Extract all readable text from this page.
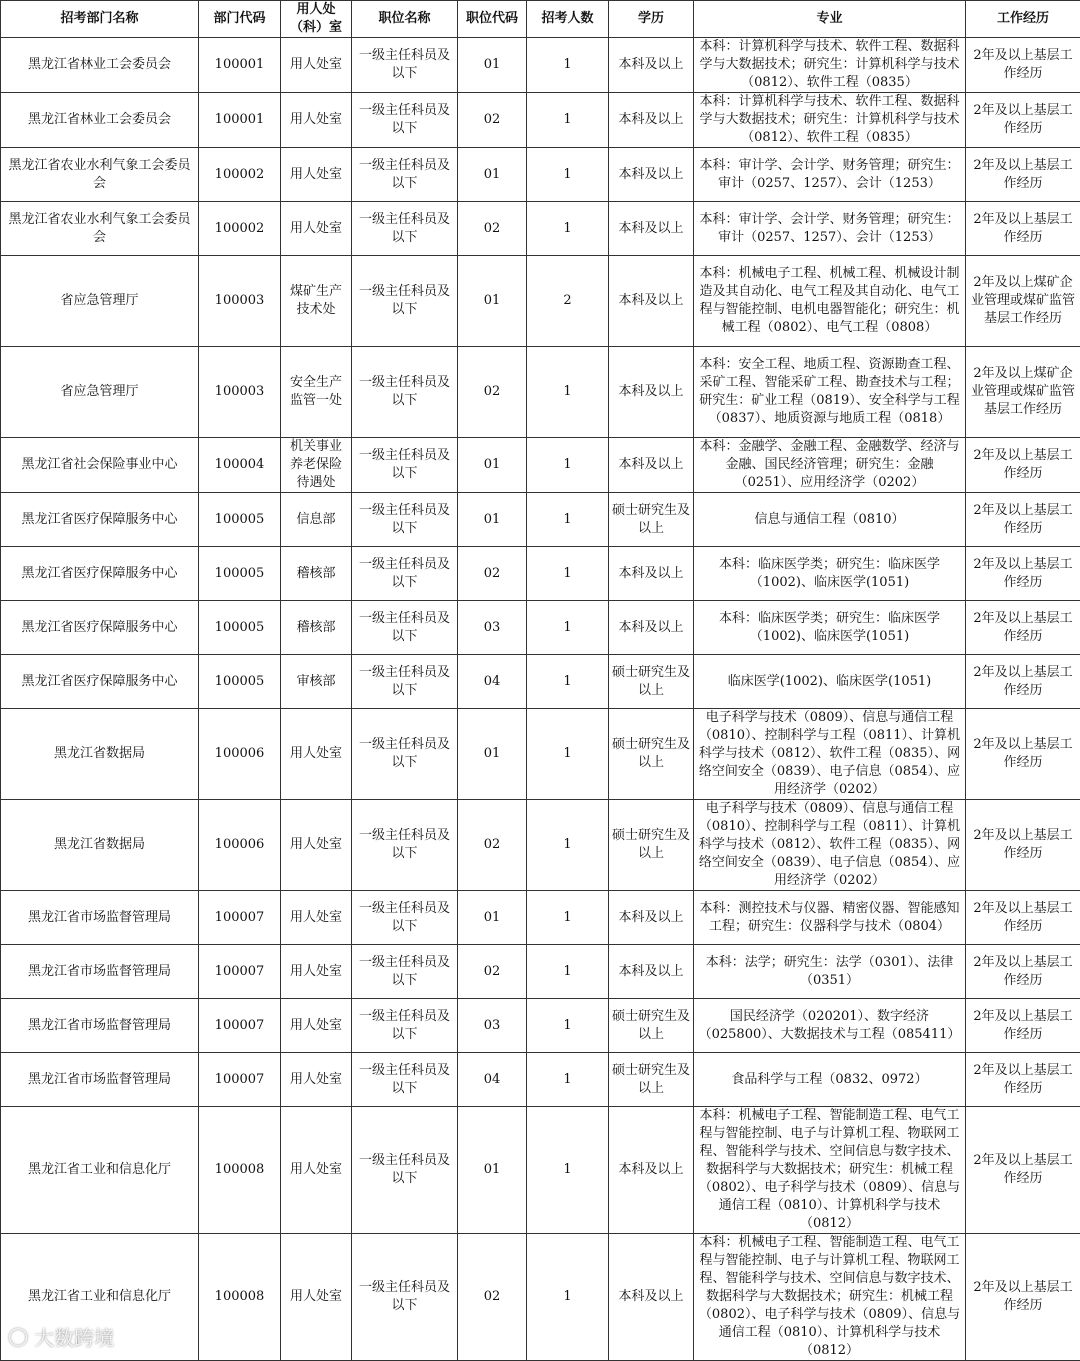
招考部门名称	部门代码	用人处（科）室	职位名称	职位代码	招考人数	学历	专业	工作经历
黑龙江省林业工会委员会	100001	用人处室	一级主任科员及以下	01	1	本科及以上	本科：计算机科学与技术、软件工程、数据科学与大数据技术；研究生：计算机科学与技术（0812）、软件工程（0835）	2年及以上基层工作经历
黑龙江省林业工会委员会	100001	用人处室	一级主任科员及以下	02	1	本科及以上	本科：计算机科学与技术、软件工程、数据科学与大数据技术；研究生：计算机科学与技术（0812）、软件工程（0835）	2年及以上基层工作经历
黑龙江省农业水利气象工会委员会	100002	用人处室	一级主任科员及以下	01	1	本科及以上	本科：审计学、会计学、财务管理；研究生：审计（0257、1257）、会计（1253）	2年及以上基层工作经历
黑龙江省农业水利气象工会委员会	100002	用人处室	一级主任科员及以下	02	1	本科及以上	本科：审计学、会计学、财务管理；研究生：审计（0257、1257）、会计（1253）	2年及以上基层工作经历
省应急管理厅	100003	煤矿生产技术处	一级主任科员及以下	01	2	本科及以上	本科：机械电子工程、机械工程、机械设计制造及其自动化、电气工程及其自动化、电气工程与智能控制、电机电器智能化；研究生：机械工程（0802）、电气工程（0808）	2年及以上煤矿企业管理或煤矿监管基层工作经历
省应急管理厅	100003	安全生产监管一处	一级主任科员及以下	02	1	本科及以上	本科：安全工程、地质工程、资源勘查工程、采矿工程、智能采矿工程、勘查技术与工程；研究生：矿业工程（0819）、安全科学与工程（0837）、地质资源与地质工程（0818）	2年及以上煤矿企业管理或煤矿监管基层工作经历
黑龙江省社会保险事业中心	100004	机关事业养老保险待遇处	一级主任科员及以下	01	1	本科及以上	本科：金融学、金融工程、金融数学、经济与金融、国民经济管理；研究生：金融（0251）、应用经济学（0202）	2年及以上基层工作经历
黑龙江省医疗保障服务中心	100005	信息部	一级主任科员及以下	01	1	硕士研究生及以上	信息与通信工程（0810）	2年及以上基层工作经历
黑龙江省医疗保障服务中心	100005	稽核部	一级主任科员及以下	02	1	本科及以上	本科：临床医学类；研究生：临床医学（1002)、临床医学(1051)	2年及以上基层工作经历
黑龙江省医疗保障服务中心	100005	稽核部	一级主任科员及以下	03	1	本科及以上	本科：临床医学类；研究生：临床医学（1002)、临床医学(1051)	2年及以上基层工作经历
黑龙江省医疗保障服务中心	100005	审核部	一级主任科员及以下	04	1	硕士研究生及以上	临床医学(1002)、临床医学(1051)	2年及以上基层工作经历
黑龙江省数据局	100006	用人处室	一级主任科员及以下	01	1	硕士研究生及以上	电子科学与技术（0809）、信息与通信工程（0810）、控制科学与工程（0811）、计算机科学与技术（0812）、软件工程（0835）、网络空间安全（0839）、电子信息（0854）、应用经济学（0202）	2年及以上基层工作经历
黑龙江省数据局	100006	用人处室	一级主任科员及以下	02	1	硕士研究生及以上	电子科学与技术（0809）、信息与通信工程（0810）、控制科学与工程（0811）、计算机科学与技术（0812）、软件工程（0835）、网络空间安全（0839）、电子信息（0854）、应用经济学（0202）	2年及以上基层工作经历
黑龙江省市场监督管理局	100007	用人处室	一级主任科员及以下	01	1	本科及以上	本科：测控技术与仪器、精密仪器、智能感知工程；研究生：仪器科学与技术（0804）	2年及以上基层工作经历
黑龙江省市场监督管理局	100007	用人处室	一级主任科员及以下	02	1	本科及以上	本科：法学；研究生：法学（0301）、法律（0351）	2年及以上基层工作经历
黑龙江省市场监督管理局	100007	用人处室	一级主任科员及以下	03	1	硕士研究生及以上	国民经济学（020201）、数字经济（025800）、大数据技术与工程（085411）	2年及以上基层工作经历
黑龙江省市场监督管理局	100007	用人处室	一级主任科员及以下	04	1	硕士研究生及以上	食品科学与工程（0832、0972）	2年及以上基层工作经历
黑龙江省工业和信息化厅	100008	用人处室	一级主任科员及以下	01	1	本科及以上	本科：机械电子工程、智能制造工程、电气工程与智能控制、电子与计算机工程、物联网工程、智能科学与技术、空间信息与数字技术、数据科学与大数据技术；研究生：机械工程（0802）、电子科学与技术（0809）、信息与通信工程（0810）、计算机科学与技术（0812）	2年及以上基层工作经历
黑龙江省工业和信息化厅	100008	用人处室	一级主任科员及以下	02	1	本科及以上	本科：机械电子工程、智能制造工程、电气工程与智能控制、电子与计算机工程、物联网工程、智能科学与技术、空间信息与数字技术、数据科学与大数据技术；研究生：机械工程（0802）、电子科学与技术（0809）、信息与通信工程（0810）、计算机科学与技术（0812）	2年及以上基层工作经历
◯ 大数跨境
